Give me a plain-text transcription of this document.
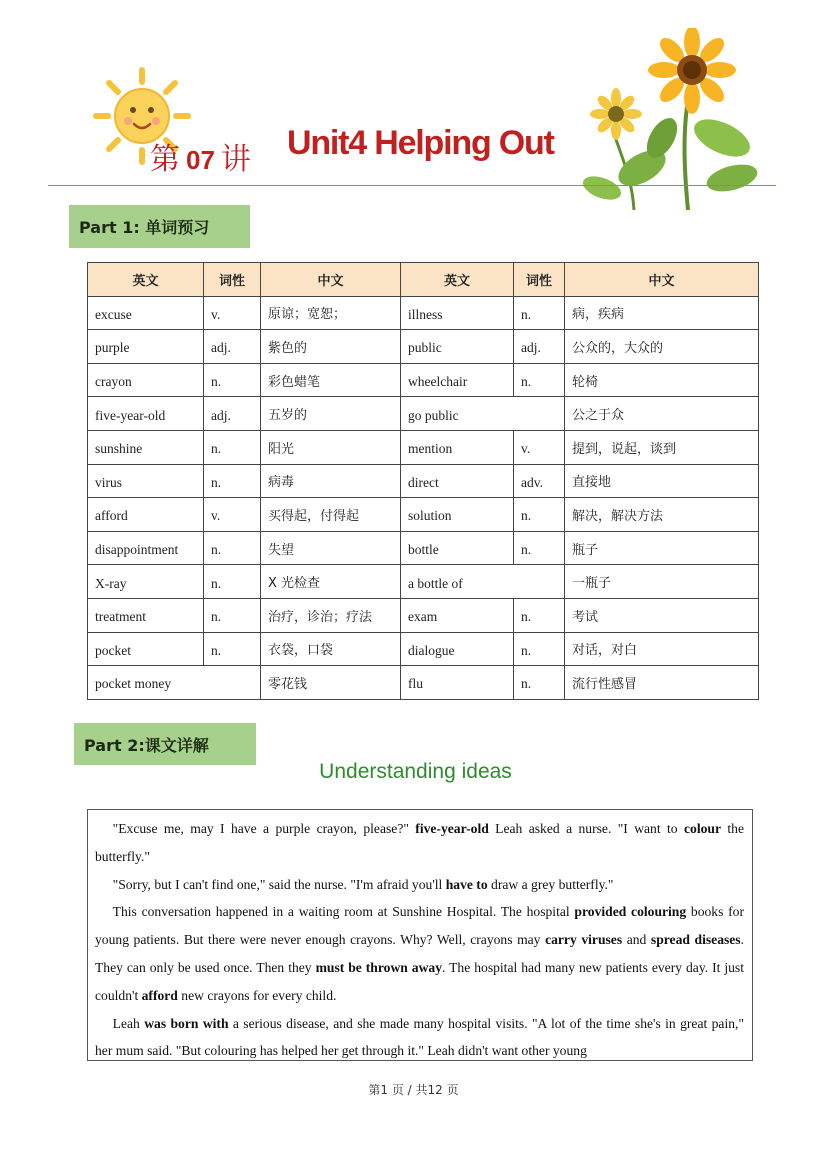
第 07 讲 Unit4 Helping Out
Part 1: 单词预习
英文	词性	中文	英文	词性	中文
excuse	v.	原谅；宽恕；	illness	n.	病，疾病
purple	adj.	紫色的	public	adj.	公众的，大众的
crayon	n.	彩色蜡笔	wheelchair	n.	轮椅
five-year-old	adj.	五岁的	go public		公之于众
sunshine	n.	阳光	mention	v.	提到，说起，谈到
virus	n.	病毒	direct	adv.	直接地
afford	v.	买得起，付得起	solution	n.	解决，解决方法
disappointment	n.	失望	bottle	n.	瓶子
X-ray	n.	X 光检查	a bottle of		一瓶子
treatment	n.	治疗，诊治；疗法	exam	n.	考试
pocket	n.	衣袋，口袋	dialogue	n.	对话，对白
pocket money		零花钱	flu	n.	流行性感冒
Part 2:课文详解
Understanding ideas

"Excuse me, may I have a purple crayon, please?" five-year-old Leah asked a nurse. "I want to colour the butterfly."

"Sorry, but I can't find one," said the nurse. "I'm afraid you'll have to draw a grey butterfly."

This conversation happened in a waiting room at Sunshine Hospital. The hospital provided colouring books for young patients. But there were never enough crayons. Why? Well, crayons may carry viruses and spread diseases. They can only be used once. Then they must be thrown away. The hospital had many new patients every day. It just couldn't afford new crayons for every child.

Leah was born with a serious disease, and she made many hospital visits. "A lot of the time she's in great pain," her mum said. "But colouring has helped her get through it." Leah didn't want other young

第1 页 / 共12 页
